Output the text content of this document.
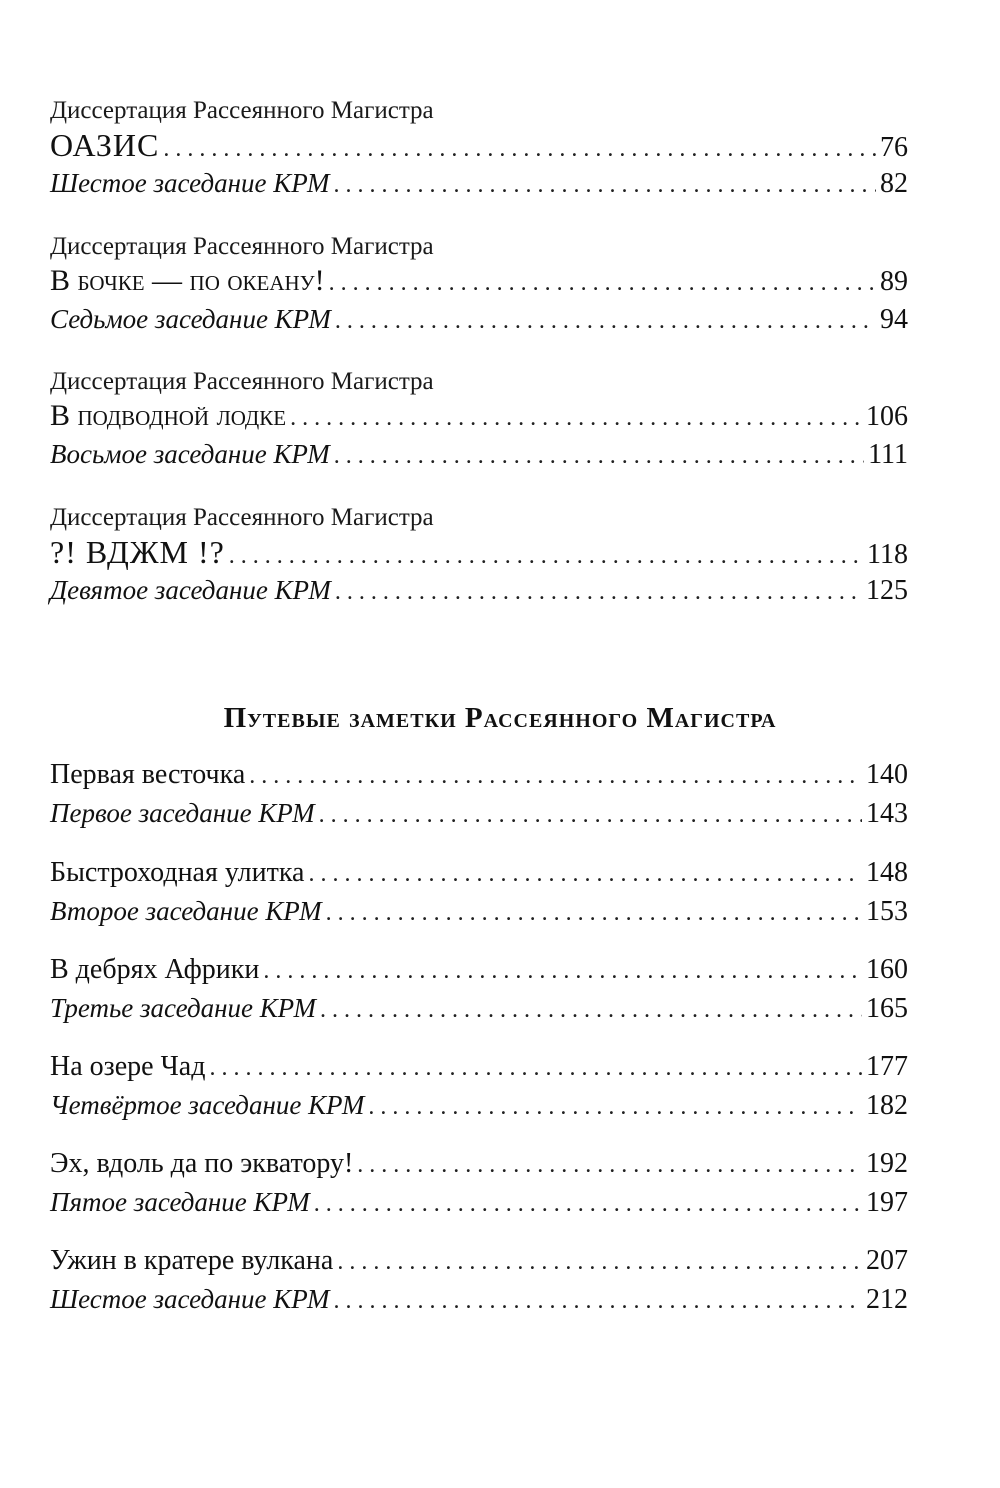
Диссертация Рассеянного Магистра
ОАЗИС . . .	76
Шестое заседание КРМ . . .	82
Диссертация Рассеянного Магистра
В бочке — по океану! . . .	89
Седьмое заседание КРМ . . .	94
Диссертация Рассеянного Магистра
В подводной лодке . . .	106
Восьмое заседание КРМ . . .	111
Диссертация Рассеянного Магистра
?! ВДЖМ !? . . .	118
Девятое заседание КРМ . . .	125
Путевые заметки Рассеянного Магистра
Первая весточка . . .	140
Первое заседание КРМ . . .	143
Быстроходная улитка . . .	148
Второе заседание КРМ . . .	153
В дебрях Африки . . .	160
Третье заседание КРМ . . .	165
На озере Чад . . .	177
Четвёртое заседание КРМ . . .	182
Эх, вдоль да по экватору! . . .	192
Пятое заседание КРМ . . .	197
Ужин в кратере вулкана . . .	207
Шестое заседание КРМ . . .	212
